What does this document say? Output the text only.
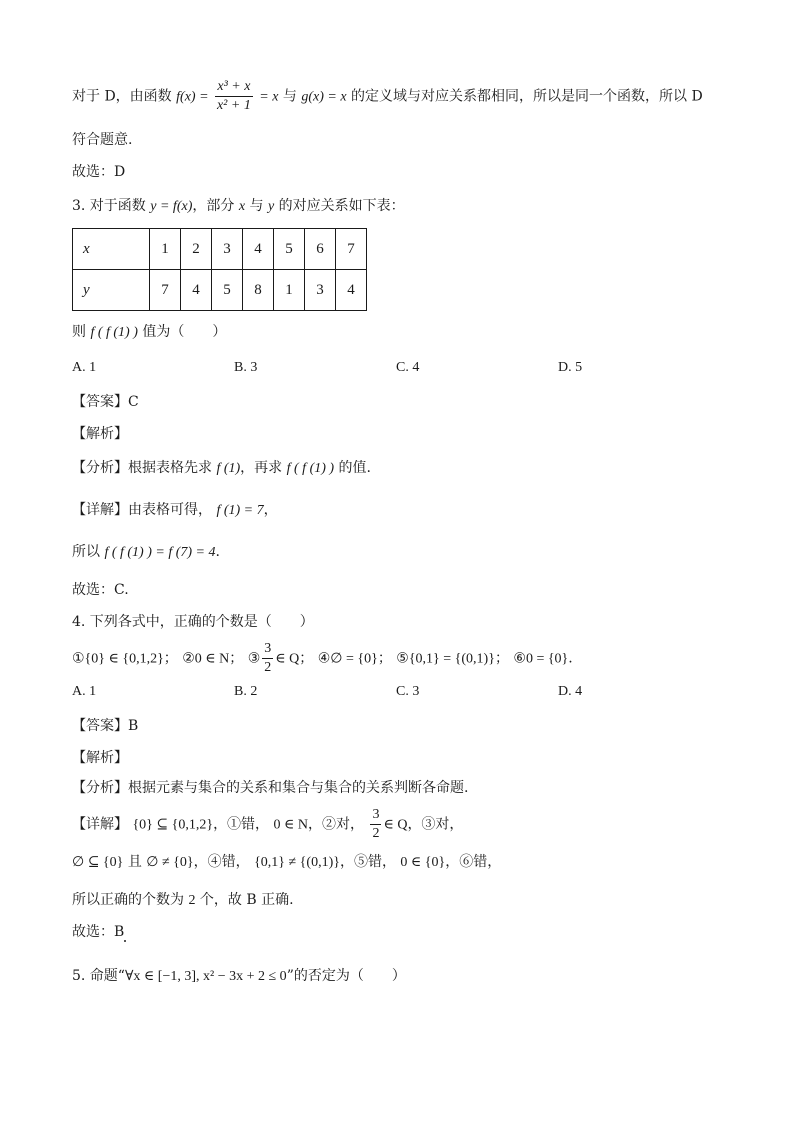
对于 D，由函数 $f(x) = \frac{\text{x³ + x}}{\text{x² + 1}} = x$ 与 g(x) = x 的定义域与对应关系都相同，所以是同一个函数，所以 D
符合题意.
故选：D
3. 对于函数 y = f(x)，部分 x 与 y 的对应关系如下表：
x	1	2	3	4	5	6	7
y	7	4	5	8	1	3	4
则 f ( f (1) ) 值为（　　）
A. 1	B. 3	C. 4	D. 5
【答案】C
【解析】
【分析】根据表格先求 f (1)，再求 f ( f (1) ) 的值.
【详解】由表格可得， f (1) = 7，
所以 f ( f (1) ) = f (7) = 4.
故选：C.
4. 下列各式中，正确的个数是（　　）
①{0} ∈ {0,1,2}； ②0 ∈ N； ③ $\frac{3}{2}$ ∈ Q； ④∅ = {0}； ⑤{0,1} = {(0,1)}； ⑥0 = {0}.
A. 1	B. 2	C. 3	D. 4
【答案】B
【解析】
【分析】根据元素与集合的关系和集合与集合的关系判断各命题.
【详解】 {0} ⊆ {0,1,2}，①错， 0 ∈ N，②对， $\frac{3}{2}$ ∈ Q，③对，
∅ ⊆ {0} 且 ∅ ≠ {0}，④错， {0,1} ≠ {(0,1)}，⑤错， 0 ∈ {0}，⑥错，
所以正确的个数为 2 个，故 B 正确.
故选：B
5. 命题“∀x ∈ [−1, 3], x² − 3x + 2 ≤ 0”的否定为（　　）
